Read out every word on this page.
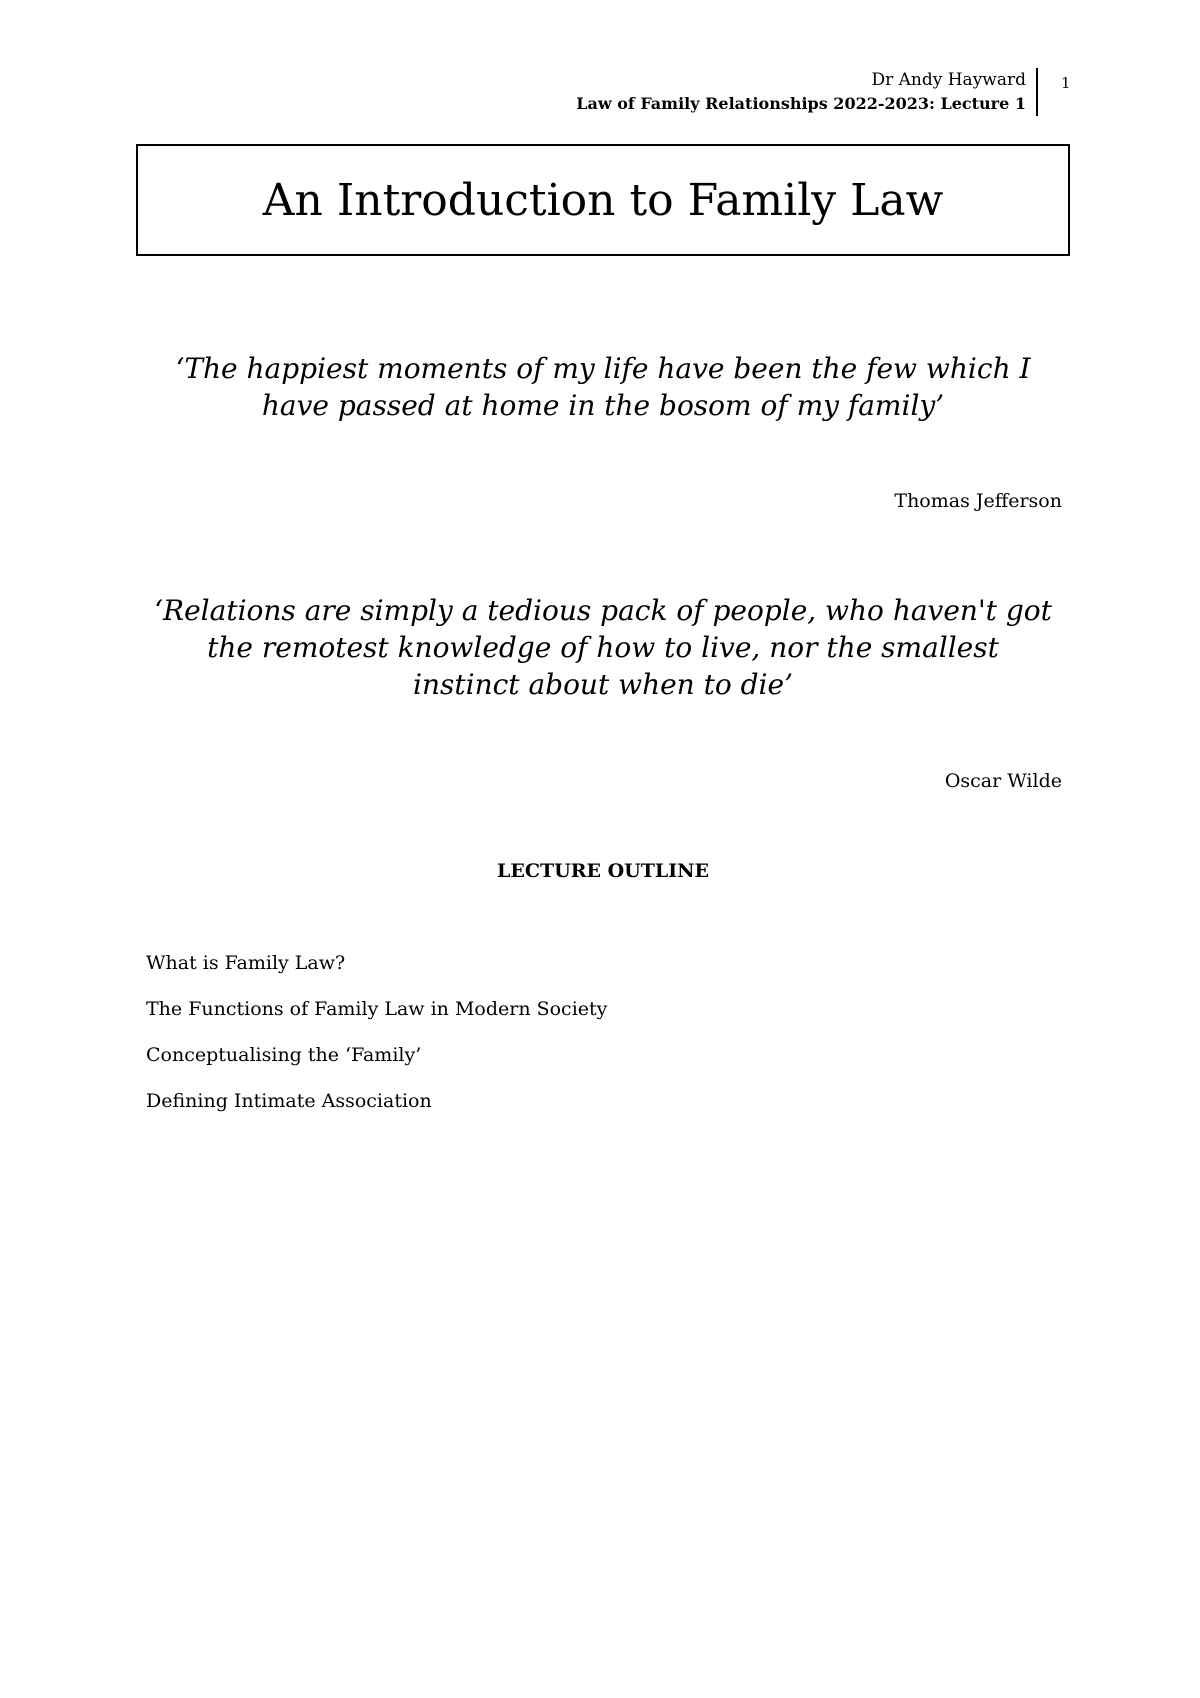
Dr Andy Hayward
Law of Family Relationships 2022-2023: Lecture 1
1
An Introduction to Family Law
‘The happiest moments of my life have been the few which I
have passed at home in the bosom of my family’
Thomas Jefferson
‘Relations are simply a tedious pack of people, who haven't got
the remotest knowledge of how to live, nor the smallest
instinct about when to die’
Oscar Wilde
LECTURE OUTLINE
What is Family Law?
The Functions of Family Law in Modern Society
Conceptualising the ‘Family’
Defining Intimate Association
